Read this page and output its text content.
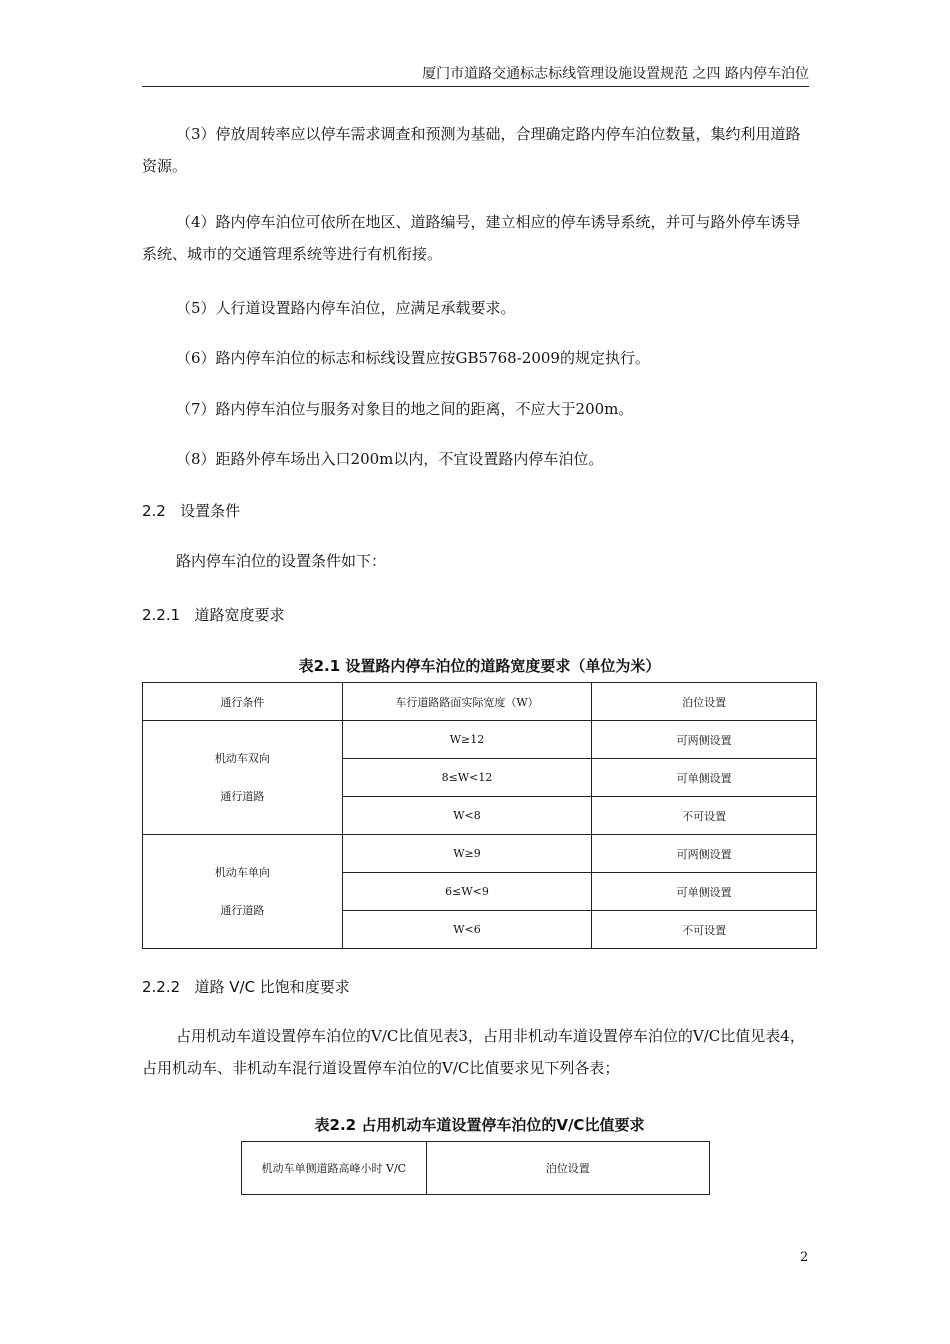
厦门市道路交通标志标线管理设施设置规范 之四 路内停车泊位

（3）停放周转率应以停车需求调查和预测为基础，合理确定路内停车泊位数量，集约利用道路资源。

（4）路内停车泊位可依所在地区、道路编号，建立相应的停车诱导系统，并可与路外停车诱导系统、城市的交通管理系统等进行有机衔接。

（5）人行道设置路内停车泊位，应满足承载要求。

（6）路内停车泊位的标志和标线设置应按GB5768-2009的规定执行。

（7）路内停车泊位与服务对象目的地之间的距离，不应大于200m。

（8）距路外停车场出入口200m以内，不宜设置路内停车泊位。

2.2 设置条件

路内停车泊位的设置条件如下：

2.2.1 道路宽度要求

表2.1 设置路内停车泊位的道路宽度要求（单位为米）

通行条件	车行道路路面实际宽度（W）	泊位设置

机动车双向
通行道路	W≥12	可两侧设置
	8≤W<12	可单侧设置
	W<8	不可设置

机动车单向
通行道路	W≥9	可两侧设置
	6≤W<9	可单侧设置
	W<6	不可设置

2.2.2 道路 V/C 比饱和度要求

占用机动车道设置停车泊位的V/C比值见表3，占用非机动车道设置停车泊位的V/C比值见表4，占用机动车、非机动车混行道设置停车泊位的V/C比值要求见下列各表；

表2.2 占用机动车道设置停车泊位的V/C比值要求

机动车单侧道路高峰小时 V/C	泊位设置
2
